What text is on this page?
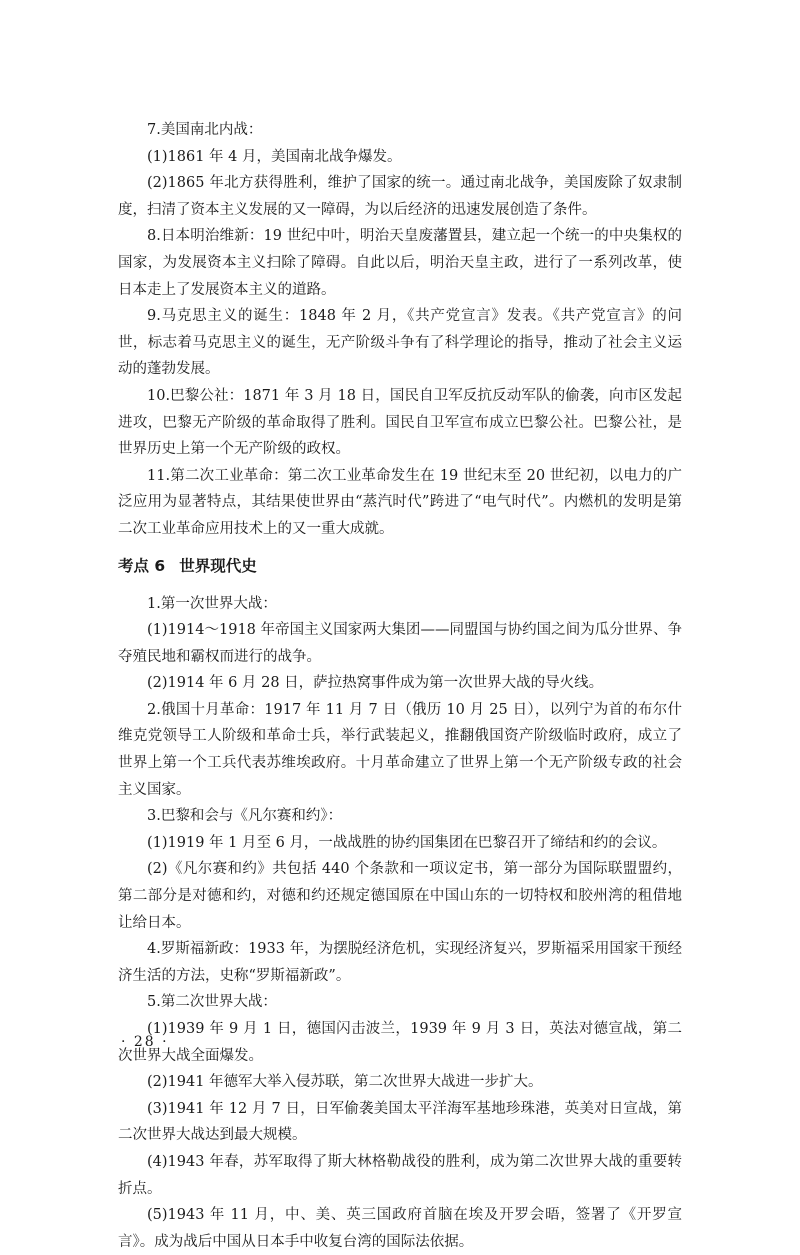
7.美国南北内战：

(1)1861 年 4 月，美国南北战争爆发。

(2)1865 年北方获得胜利，维护了国家的统一。通过南北战争，美国废除了奴隶制度，扫清了资本主义发展的又一障碍，为以后经济的迅速发展创造了条件。

8.日本明治维新：19 世纪中叶，明治天皇废藩置县，建立起一个统一的中央集权的国家，为发展资本主义扫除了障碍。自此以后，明治天皇主政，进行了一系列改革，使日本走上了发展资本主义的道路。

9.马克思主义的诞生：1848 年 2 月，《共产党宣言》发表。《共产党宣言》的问世，标志着马克思主义的诞生，无产阶级斗争有了科学理论的指导，推动了社会主义运动的蓬勃发展。

10.巴黎公社：1871 年 3 月 18 日，国民自卫军反抗反动军队的偷袭，向市区发起进攻，巴黎无产阶级的革命取得了胜利。国民自卫军宣布成立巴黎公社。巴黎公社，是世界历史上第一个无产阶级的政权。

11.第二次工业革命：第二次工业革命发生在 19 世纪末至 20 世纪初，以电力的广泛应用为显著特点，其结果使世界由“蒸汽时代”跨进了“电气时代”。内燃机的发明是第二次工业革命应用技术上的又一重大成就。

考点 6 世界现代史

1.第一次世界大战：

(1)1914～1918 年帝国主义国家两大集团——同盟国与协约国之间为瓜分世界、争夺殖民地和霸权而进行的战争。

(2)1914 年 6 月 28 日，萨拉热窝事件成为第一次世界大战的导火线。

2.俄国十月革命：1917 年 11 月 7 日（俄历 10 月 25 日），以列宁为首的布尔什维克党领导工人阶级和革命士兵，举行武装起义，推翻俄国资产阶级临时政府，成立了世界上第一个工兵代表苏维埃政府。十月革命建立了世界上第一个无产阶级专政的社会主义国家。

3.巴黎和会与《凡尔赛和约》：

(1)1919 年 1 月至 6 月，一战战胜的协约国集团在巴黎召开了缔结和约的会议。

(2)《凡尔赛和约》共包括 440 个条款和一项议定书，第一部分为国际联盟盟约，第二部分是对德和约，对德和约还规定德国原在中国山东的一切特权和胶州湾的租借地让给日本。

4.罗斯福新政：1933 年，为摆脱经济危机，实现经济复兴，罗斯福采用国家干预经济生活的方法，史称“罗斯福新政”。

5.第二次世界大战：

(1)1939 年 9 月 1 日，德国闪击波兰，1939 年 9 月 3 日，英法对德宣战，第二次世界大战全面爆发。

(2)1941 年德军大举入侵苏联，第二次世界大战进一步扩大。

(3)1941 年 12 月 7 日，日军偷袭美国太平洋海军基地珍珠港，英美对日宣战，第二次世界大战达到最大规模。

(4)1943 年春，苏军取得了斯大林格勒战役的胜利，成为第二次世界大战的重要转折点。

(5)1943 年 11 月，中、美、英三国政府首脑在埃及开罗会晤，签署了《开罗宣言》。成为战后中国从日本手中收复台湾的国际法依据。

· 28 ·
